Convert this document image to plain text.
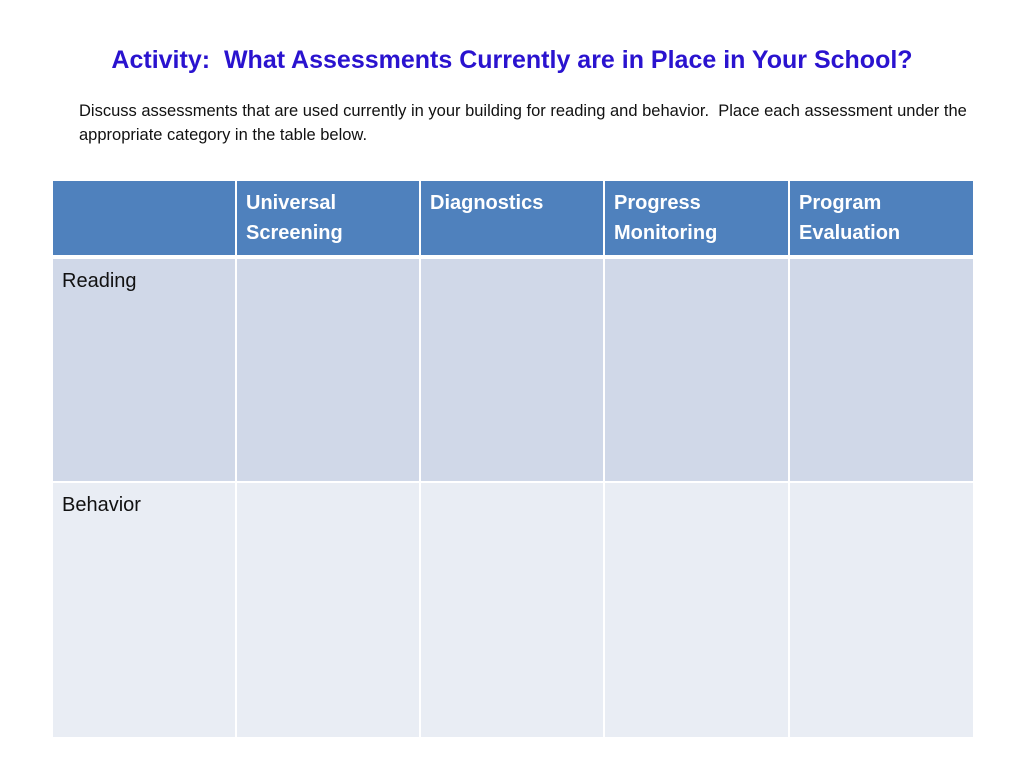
Activity:  What Assessments Currently are in Place in Your School?
Discuss assessments that are used currently in your building for reading and behavior.  Place each assessment under the appropriate category in the table below.
	Universal Screening	Diagnostics	Progress Monitoring	Program Evaluation
Reading				
Behavior				
